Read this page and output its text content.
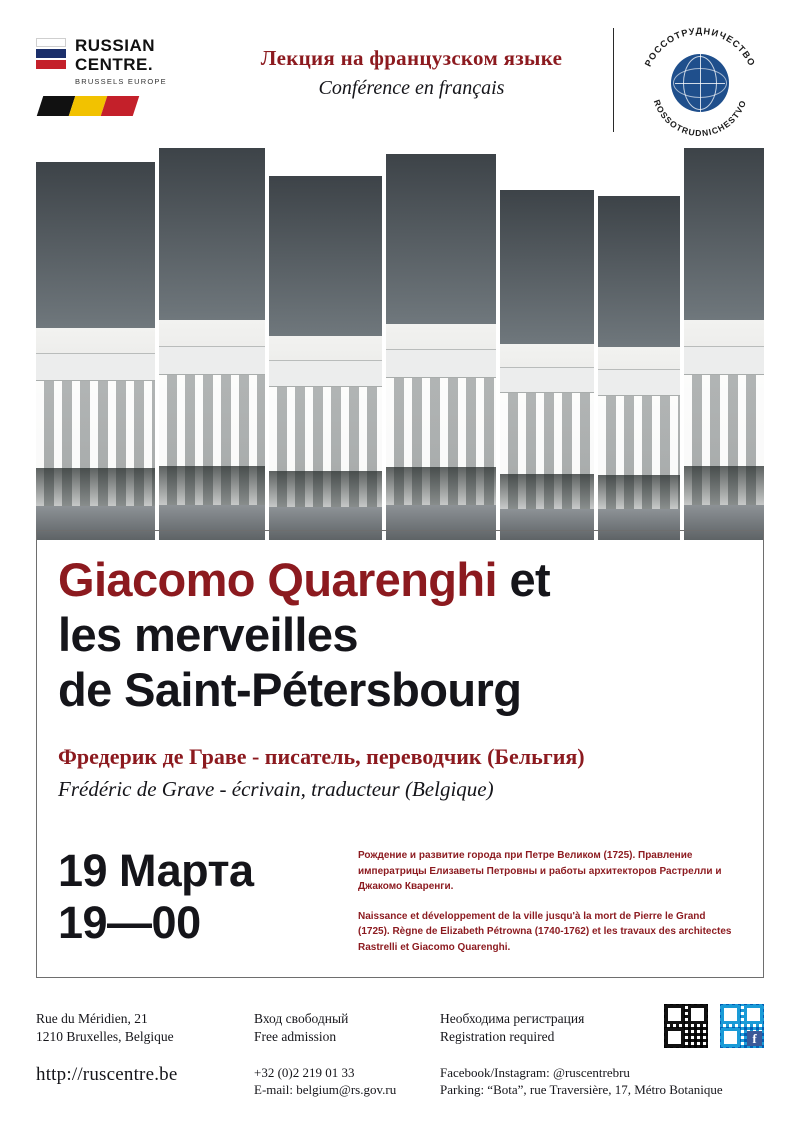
RUSSIAN
CENTRE.
BRUSSELS EUROPE
Лекция на французском языке
Conférence en français
РОССОТРУДНИЧЕСТВО
ROSSOTRUDNICHESTVO
Giacomo Quarenghi et
les merveilles
de Saint-Pétersbourg
Фредерик де Граве - писатель, переводчик (Бельгия)
Frédéric de Grave - écrivain, traducteur (Belgique)
19 Марта
19—00
Рождение и развитие города при Петре Великом (1725). Правление императрицы Елизаветы Петровны и работы архитекторов Растрелли и Джакомо Кваренги.
Naissance et développement de la ville jusqu'à la mort de Pierre le Grand (1725). Règne de Elizabeth Pétrowna (1740-1762) et les travaux des architectes Rastrelli et Giacomo Quarenghi.
Rue du Méridien, 21
1210 Bruxelles, Belgique
Вход свободный
Free admission
Необходима регистрация
Registration required	f
http://ruscentre.be	+32 (0)2 219 01 33
E-mail: belgium@rs.gov.ru
Facebook/Instagram: @ruscentrebru
Parking: “Bota”, rue Traversière, 17, Métro Botanique
